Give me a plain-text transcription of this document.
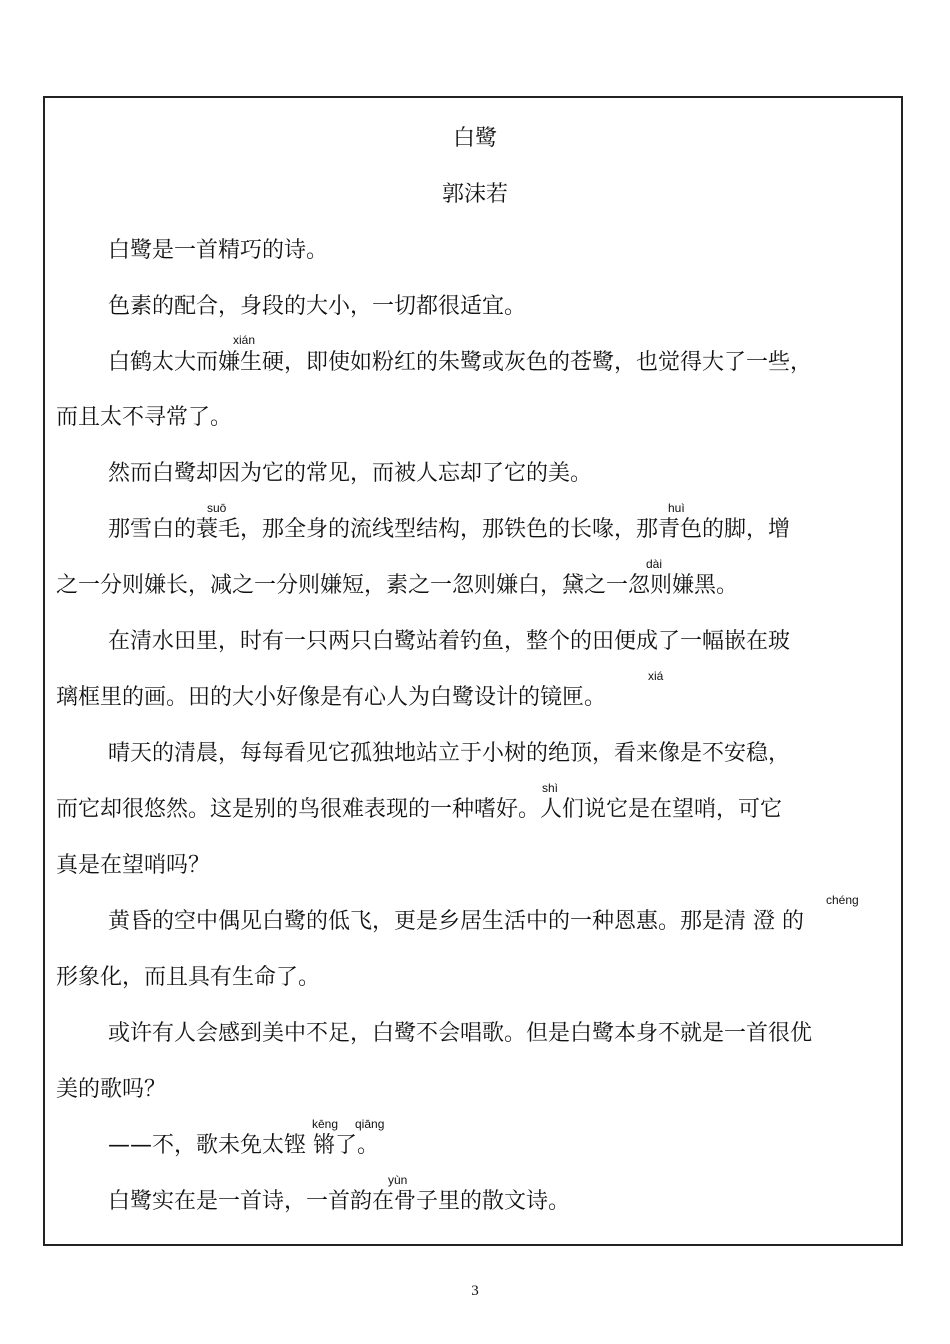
白鹭
郭沫若
白鹭是一首精巧的诗。
色素的配合，身段的大小，一切都很适宜。
xián
白鹤太大而嫌生硬，即使如粉红的朱鹭或灰色的苍鹭，也觉得大了一些，
而且太不寻常了。
然而白鹭却因为它的常见，而被人忘却了它的美。
suō	huì
那雪白的蓑毛，那全身的流线型结构，那铁色的长喙，那青色的脚，增
dài
之一分则嫌长，减之一分则嫌短，素之一忽则嫌白，黛之一忽则嫌黑。
在清水田里，时有一只两只白鹭站着钓鱼，整个的田便成了一幅嵌在玻
xiá
璃框里的画。田的大小好像是有心人为白鹭设计的镜匣。
晴天的清晨，每每看见它孤独地站立于小树的绝顶，看来像是不安稳，
shì
而它却很悠然。这是别的鸟很难表现的一种嗜好。人们说它是在望哨，可它
真是在望哨吗？
chéng
黄昏的空中偶见白鹭的低飞，更是乡居生活中的一种恩惠。那是清 澄 的
形象化，而且具有生命了。
或许有人会感到美中不足，白鹭不会唱歌。但是白鹭本身不就是一首很优
美的歌吗？
kēng qiāng
——不，歌未免太铿 锵了。
yùn
白鹭实在是一首诗，一首韵在骨子里的散文诗。
3
